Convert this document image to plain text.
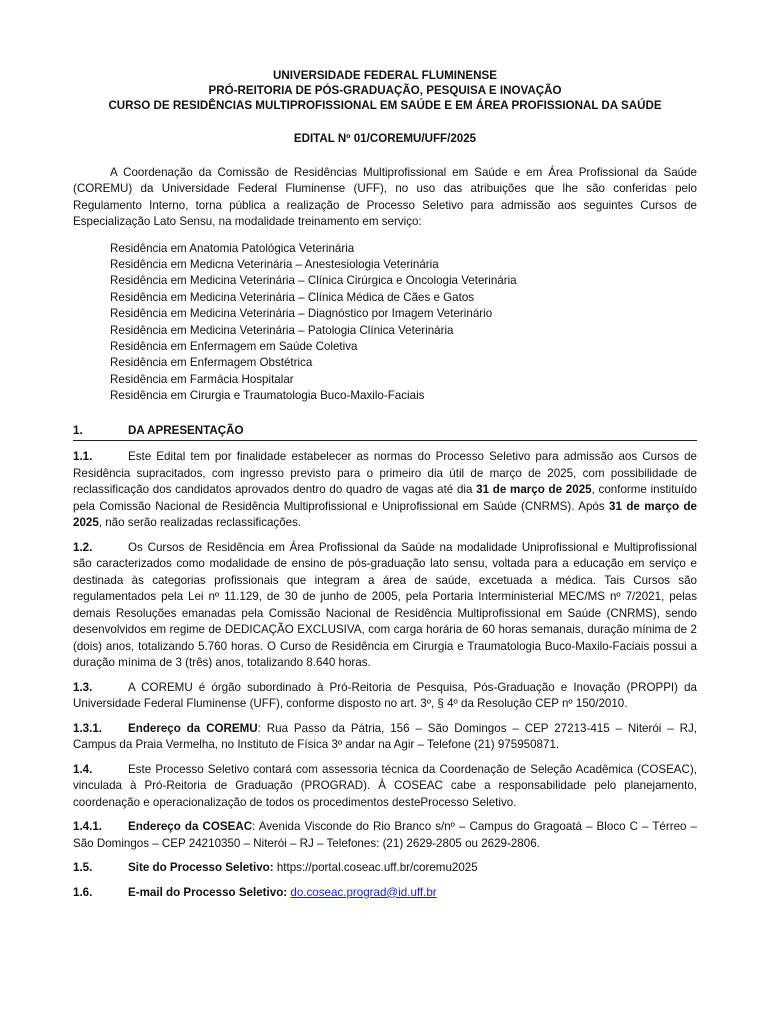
UNIVERSIDADE FEDERAL FLUMINENSE
PRÓ-REITORIA DE PÓS-GRADUAÇÃO, PESQUISA E INOVAÇÃO
CURSO DE RESIDÊNCIAS MULTIPROFISSIONAL EM SAÚDE E EM ÁREA PROFISSIONAL DA SAÚDE
EDITAL Nº 01/COREMU/UFF/2025

A Coordenação da Comissão de Residências Multiprofissional em Saúde e em Área Profissional da Saúde (COREMU) da Universidade Federal Fluminense (UFF), no uso das atribuições que lhe são conferidas pelo Regulamento Interno, torna pública a realização de Processo Seletivo para admissão aos seguintes Cursos de Especialização Lato Sensu, na modalidade treinamento em serviço:

Residência em Anatomia Patológica Veterinária
Residência em Medicna Veterinária – Anestesiologia Veterinária
Residência em Medicina Veterinária – Clínica Cirúrgica e Oncologia Veterinária
Residência em Medicina Veterinária – Clínica Médica de Cães e Gatos
Residência em Medicina Veterinária – Diagnóstico por Imagem Veterinário
Residência em Medicina Veterinária – Patologia Clínica Veterinária
Residência em Enfermagem em Saúde Coletiva
Residência em Enfermagem Obstétrica
Residência em Farmácia Hospitalar
Residência em Cirurgia e Traumatologia Buco-Maxilo-Faciais
1.	DA APRESENTAÇÃO

1.1.	Este Edital tem por finalidade estabelecer as normas do Processo Seletivo para admissão aos Cursos de Residência supracitados, com ingresso previsto para o primeiro dia útil de março de 2025, com possibilidade de reclassificação dos candidatos aprovados dentro do quadro de vagas até dia 31 de março de 2025, conforme instituído pela Comissão Nacional de Residência Multiprofissional e Uniprofissional em Saúde (CNRMS). Após 31 de março de 2025, não serão realizadas reclassificações.

1.2.	Os Cursos de Residência em Área Profissional da Saúde na modalidade Uniprofissional e Multiprofissional são caracterizados como modalidade de ensino de pós-graduação lato sensu, voltada para a educação em serviço e destinada às categorias profissionais que integram a área de saúde, excetuada a médica. Tais Cursos são regulamentados pela Lei nº 11.129, de 30 de junho de 2005, pela Portaria Interministerial MEC/MS nº 7/2021, pelas demais Resoluções emanadas pela Comissão Nacional de Residência Multiprofissional em Saúde (CNRMS), sendo desenvolvidos em regime de DEDICAÇÃO EXCLUSIVA, com carga horária de 60 horas semanais, duração mínima de 2 (dois) anos, totalizando 5.760 horas. O Curso de Residência em Cirurgia e Traumatologia Buco-Maxilo-Faciais possui a duração mínima de 3 (três) anos, totalizando 8.640 horas.

1.3.	A COREMU é órgão subordinado à Pró-Reitoria de Pesquisa, Pós-Graduação e Inovação (PROPPI) da Universidade Federal Fluminense (UFF), conforme disposto no art. 3º, § 4º da Resolução CEP nº 150/2010.

1.3.1. Endereço da COREMU: Rua Passo da Pátria, 156 – São Domingos – CEP 27213-415 – Niterói – RJ, Campus da Praia Vermelha, no Instituto de Física 3º andar na Agir – Telefone (21) 975950871.

1.4.	Este Processo Seletivo contará com assessoria técnica da Coordenação de Seleção Acadêmica (COSEAC), vinculada à Pró-Reitoria de Graduação (PROGRAD). À COSEAC cabe a responsabilidade pelo planejamento, coordenação e operacionalização de todos os procedimentos desteProcesso Seletivo.

1.4.1. Endereço da COSEAC: Avenida Visconde do Rio Branco s/nº – Campus do Gragoatá – Bloco C – Térreo – São Domingos – CEP 24210350 – Niterói – RJ – Telefones: (21) 2629-2805 ou 2629-2806.

1.5.	Site do Processo Seletivo: https://portal.coseac.uff.br/coremu2025

1.6.	E-mail do Processo Seletivo: do.coseac.prograd@id.uff.br
